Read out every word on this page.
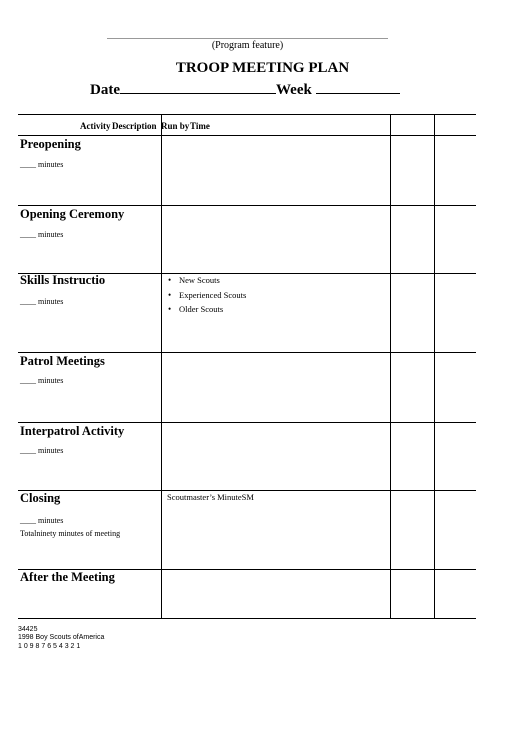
(Program feature)
TROOP MEETING PLAN
Date	Week
Activity Description Run by Time
Preopening
____ minutes
Opening Ceremony
____ minutes
Skills Instructio
____ minutes
• New Scouts
• Experienced Scouts
• Older Scouts
Patrol Meetings
____ minutes
Interpatrol Activity
____ minutes
Closing
____ minutes
Totalninety minutes of meeting
Scoutmaster’s MinuteSM
After the Meeting
34425
1998 Boy Scouts ofAmerica
1 0 9 8 7 6 5 4 3 2 1
